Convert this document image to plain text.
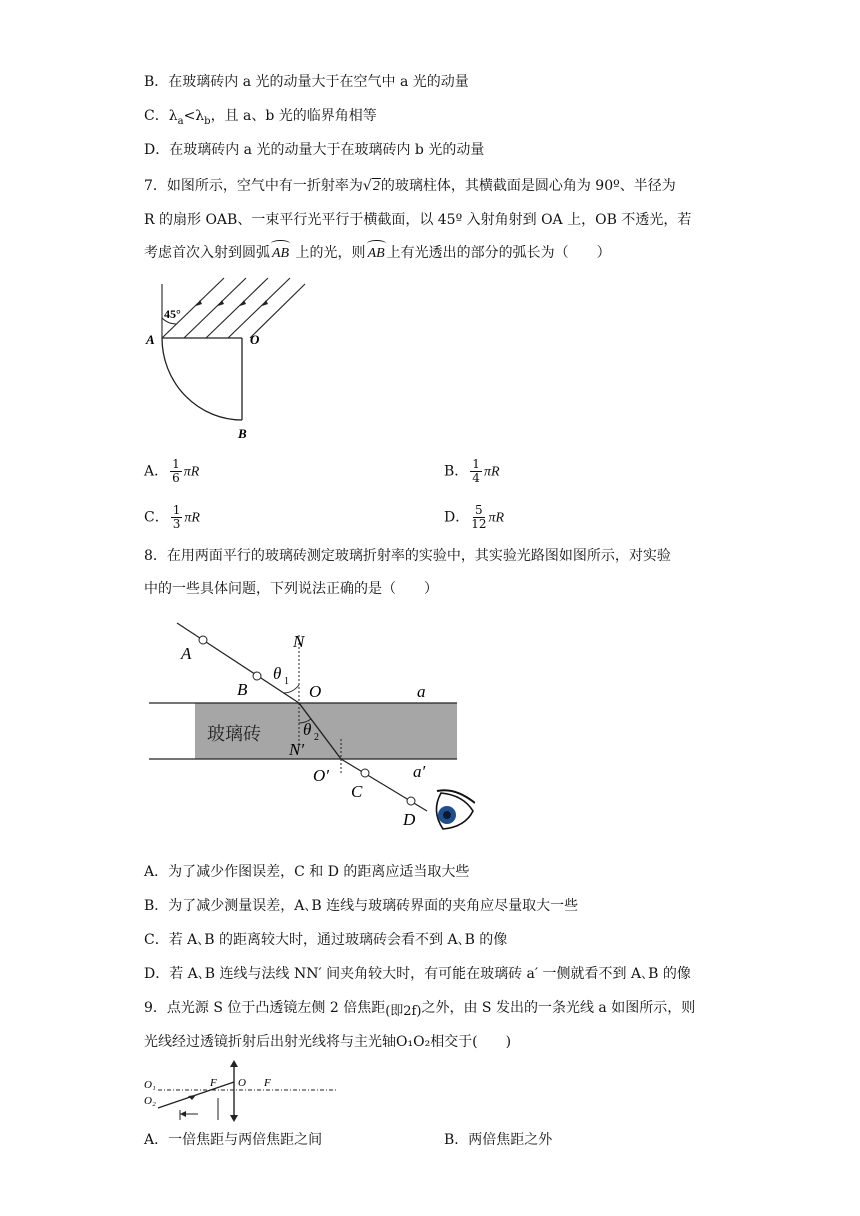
B．在玻璃砖内 a 光的动量大于在空气中 a 光的动量
C．$\lambda_a<\lambda_b$，且 a、b 光的临界角相等
D．在玻璃砖内 a 光的动量大于在玻璃砖内 b 光的动量
7．如图所示，空气中有一折射率为√2的玻璃柱体，其横截面是圆心角为 90º、半径为
R 的扇形 OAB、一束平行光平行于横截面，以 45º 入射角射到 OA 上，OB 不透光，若
考虑首次入射到圆弧 AB 上的光，则 AB 上有光透出的部分的弧长为（　　）
45°
A	O
B
A． $\frac{1}{6}$ πR	B． $\frac{1}{4}$ πR
C． $\frac{1}{3}$ πR	D． $\frac{5}{12}$ πR
8．在用两面平行的玻璃砖测定玻璃折射率的实验中，其实验光路图如图所示，对实验
中的一些具体问题，下列说法正确的是（　　）
A
B
N
θ 1
O	a
玻璃砖 θ 2
N′
O′	a′
C
D
A．为了减少作图误差，C 和 D 的距离应适当取大些
B．为了减少测量误差，A､B 连线与玻璃砖界面的夹角应尽量取大一些
C．若 A､B 的距离较大时，通过玻璃砖会看不到 A､B 的像
D．若 A､B 连线与法线 NN′ 间夹角较大时，有可能在玻璃砖 a′ 一侧就看不到 A､B 的像
9．点光源 S 位于凸透镜左侧 2 倍焦距(即2f)之外，由 S 发出的一条光线 a 如图所示，则
光线经过透镜折射后出射光线将与主光轴O₁O₂相交于(　　)
O₁
O₂
F O F
A．一倍焦距与两倍焦距之间	B．两倍焦距之外
